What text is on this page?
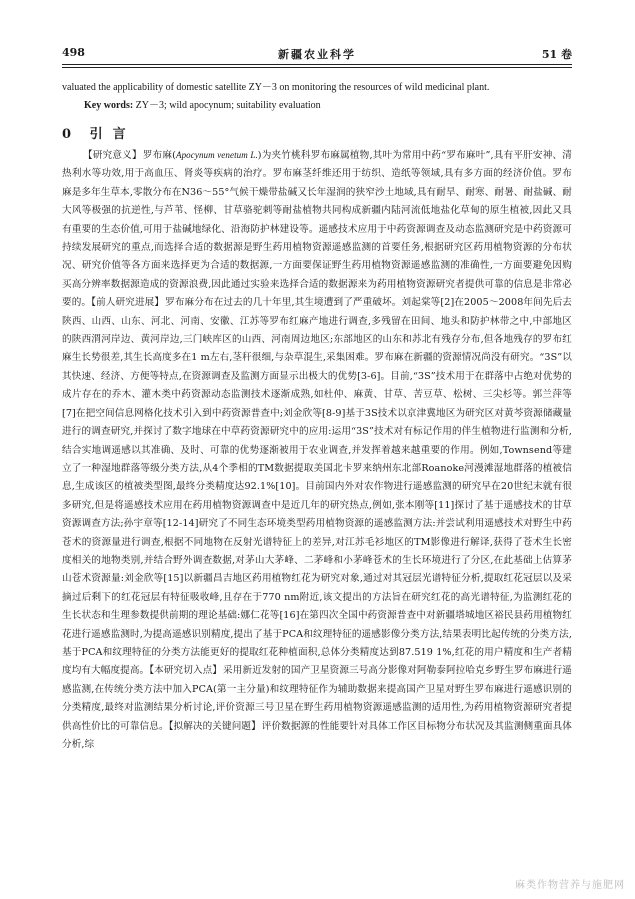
498	新疆农业科学	51 卷
valuated the applicability of domestic satellite ZY－3 on monitoring the resources of wild medicinal plant.
Key words: ZY－3; wild apocynum; suitability evaluation
0 引言
【研究意义】罗布麻(Apocynum venetum L.)为夹竹桃科罗布麻属植物,其叶为常用中药“罗布麻叶”,具有平肝安神、清热利水等功效,用于高血压、肾炎等疾病的治疗。罗布麻茎纤维还用于纺织、造纸等领域,具有多方面的经济价值。罗布麻是多年生草本,零散分布在N36～55°气候干燥带盐碱又长年湿润的狭窄沙土地域,具有耐旱、耐寒、耐暑、耐盐碱、耐大风等极强的抗逆性,与芦苇、怪柳、甘草骆驼刺等耐盐植物共同构成新疆内陆河流低地盐化草甸的原生植被,因此又具有重要的生态价值,可用于盐碱地绿化、沿海防护林建设等。遥感技术应用于中药资源调查及动态监测研究是中药资源可持续发展研究的重点,而选择合适的数据源是野生药用植物资源遥感监测的首要任务,根据研究区药用植物资源的分布状况、研究价值等各方面来选择更为合适的数据源,一方面要保证野生药用植物资源遥感监测的准确性,一方面要避免因购买高分辨率数据源造成的资源浪费,因此通过实验来选择合适的数据源来为药用植物资源研究者提供可靠的信息是非常必要的。【前人研究进展】罗布麻分布在过去的几十年里,其生境遭到了严重破坏。刘起棠等[2]在2005～2008年间先后去陕西、山西、山东、河北、河南、安徽、江苏等罗布红麻产地进行调查,多残留在田间、地头和防护林带之中,中部地区的陕西渭河岸边、黄河岸边,三门峡库区的山西、河南周边地区;东部地区的山东和苏北有残存分布,但各地残存的罗布红麻生长势很差,其生长高度多在1 m左右,茎秆很细,与杂草混生,采集困难。罗布麻在新疆的资源情况尚没有研究。“3S”以其快速、经济、方便等特点,在资源调查及监测方面显示出极大的优势[3-6]。目前,“3S”技术用于在群落中占绝对优势的成片存在的乔木、灌木类中药资源动态监测技术逐渐成熟,如杜仲、麻黄、甘草、苦豆草、松树、三尖杉等。郭兰萍等[7]在把空间信息网格化技术引入到中药资源普查中;刘金欣等[8-9]基于3S技术以京津冀地区为研究区对黄芩资源储藏量进行的调查研究,并探讨了数字地球在中草药资源研究中的应用:运用“3S”技术对有标记作用的伴生植物进行监测和分析,结合实地调遥感以其准确、及时、可靠的优势逐渐被用于农业调查,并发挥着越来越重要的作用。例如,Townsend等建立了一种湿地群落等级分类方法,从4个季相的TM数据提取美国北卡罗来纳州东北部Roanoke河漫滩湿地群落的植被信息,生成该区的植被类型图,最终分类精度达92.1%[10]。目前国内外对农作物进行遥感监测的研究早在20世纪末就有很多研究,但是将遥感技术应用在药用植物资源调查中是近几年的研究热点,例如,张本刚等[11]探讨了基于遥感技术的甘草资源调查方法;孙宇章等[12-14]研究了不同生态环境类型药用植物资源的遥感监测方法:并尝试利用遥感技术对野生中药苍术的资源量进行调查,根据不同地物在反射光谱特征上的差异,对江苏毛衫地区的TM影像进行解译,获得了苍术生长密度相关的地物类别,并结合野外调查数据,对茅山大茅峰、二茅峰和小茅峰苍术的生长环境进行了分区,在此基础上估算茅山苍术资源量:刘金欣等[15]以新疆昌吉地区药用植物红花为研究对象,通过对其冠层光谱特征分析,提取红花冠层以及采摘过后剩下的红花冠层有特征吸收峰,且存在于770 nm附近,该文提出的方法旨在研究红花的高光谱特征,为监测红花的生长状态和生理参数提供前期的理论基础:娜仁花等[16]在第四次全国中药资源普查中对新疆塔城地区裕民县药用植物红花进行遥感监测时,为提高遥感识别精度,提出了基于PCA和纹理特征的遥感影像分类方法,结果表明比起传统的分类方法,基于PCA和纹理特征的分类方法能更好的提取红花种植面积,总体分类精度达到87.519 1%,红花的用户精度和生产者精度均有大幅度提高。【本研究切入点】采用新近发射的国产卫星资源三号高分影像对阿勒泰阿拉哈克乡野生罗布麻进行遥感监测,在传统分类方法中加入PCA(第一主分量)和纹理特征作为辅助数据来提高国产卫星对野生罗布麻进行遥感识别的分类精度,最终对监测结果分析讨论,评价资源三号卫星在野生药用植物资源遥感监测的适用性,为药用植物资源研究者提供高性价比的可靠信息。【拟解决的关键问题】评价数据源的性能要针对具体工作区目标物分布状况及其监测侧重面具体分析,综
麻类作物营养与施肥网
